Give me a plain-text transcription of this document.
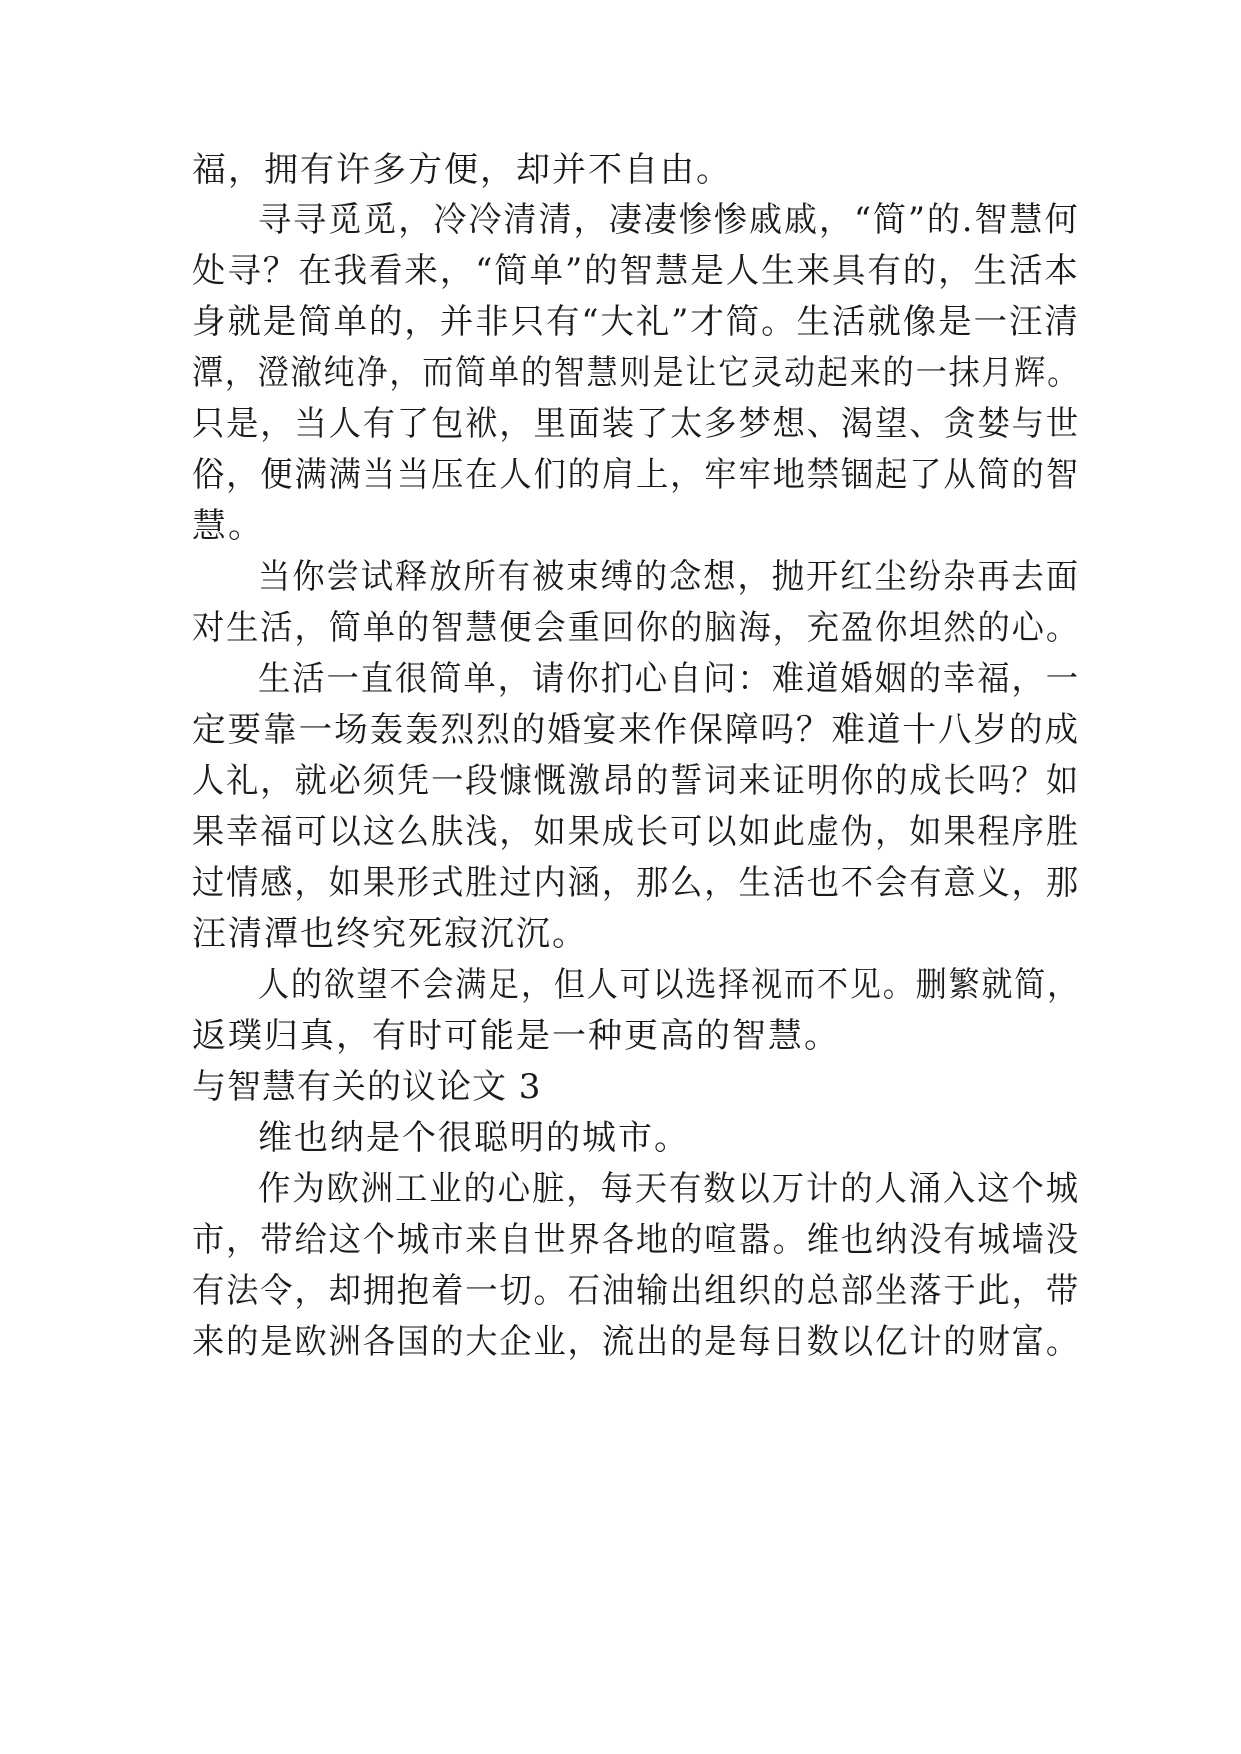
福，拥有许多方便，却并不自由。

寻寻觅觅，冷冷清清，凄凄惨惨戚戚，“简”的.智慧何

处寻？在我看来，“简单”的智慧是人生来具有的，生活本

身就是简单的，并非只有“大礼”才简。生活就像是一汪清

潭，澄澈纯净，而简单的智慧则是让它灵动起来的一抹月辉。

只是，当人有了包袱，里面装了太多梦想、渴望、贪婪与世

俗，便满满当当压在人们的肩上，牢牢地禁锢起了从简的智

慧。

当你尝试释放所有被束缚的念想，抛开红尘纷杂再去面

对生活，简单的智慧便会重回你的脑海，充盈你坦然的心。

生活一直很简单，请你扪心自问：难道婚姻的幸福，一

定要靠一场轰轰烈烈的婚宴来作保障吗？难道十八岁的成

人礼，就必须凭一段慷慨激昂的誓词来证明你的成长吗？如

果幸福可以这么肤浅，如果成长可以如此虚伪，如果程序胜

过情感，如果形式胜过内涵，那么，生活也不会有意义，那

汪清潭也终究死寂沉沉。

人的欲望不会满足，但人可以选择视而不见。删繁就简，

返璞归真，有时可能是一种更高的智慧。

与智慧有关的议论文 3

维也纳是个很聪明的城市。

作为欧洲工业的心脏，每天有数以万计的人涌入这个城

市，带给这个城市来自世界各地的喧嚣。维也纳没有城墙没

有法令，却拥抱着一切。石油输出组织的总部坐落于此，带

来的是欧洲各国的大企业，流出的是每日数以亿计的财富。
